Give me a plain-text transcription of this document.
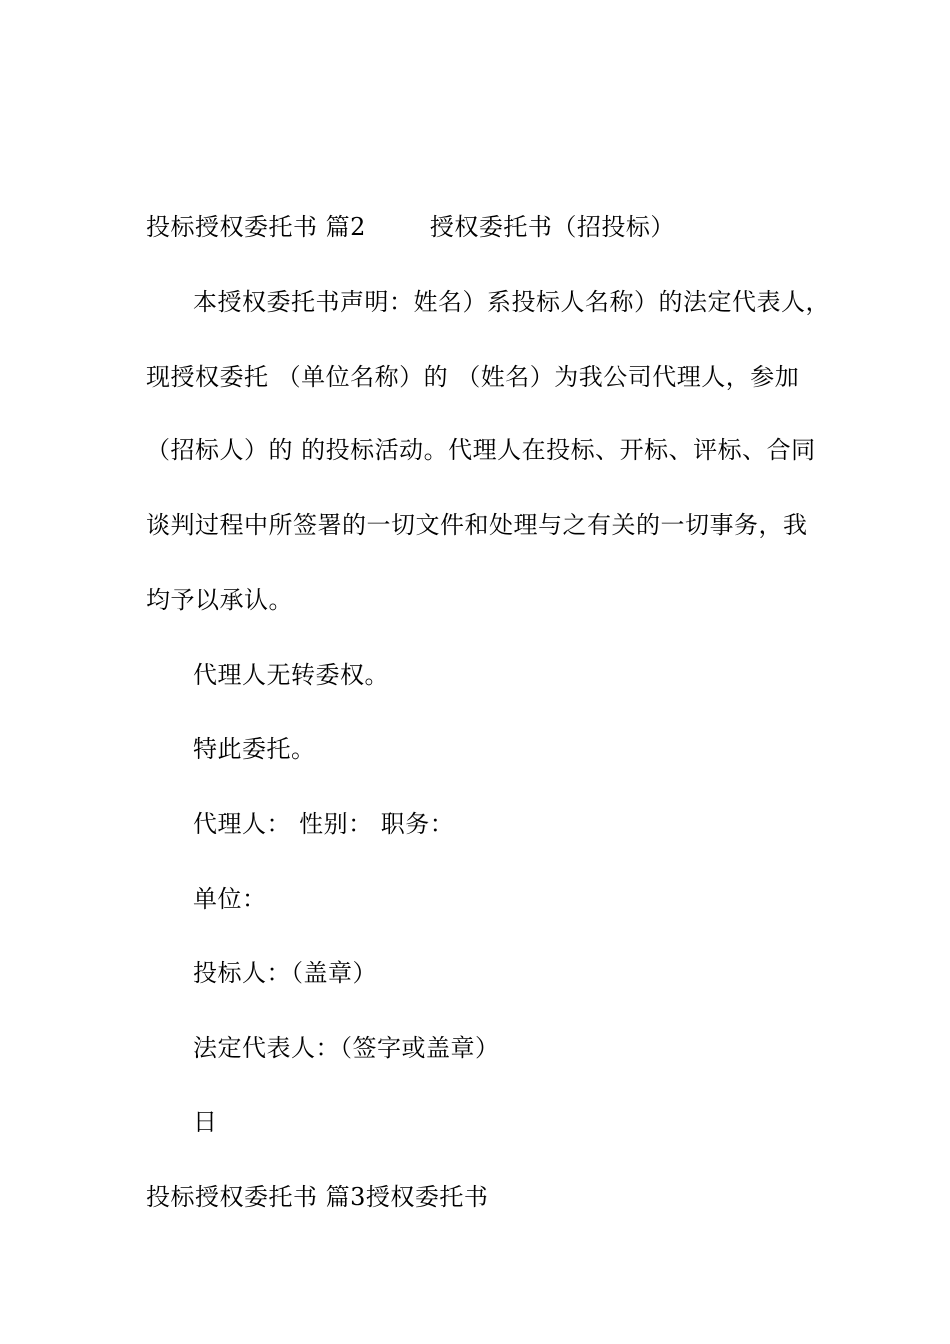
投标授权委托书 篇2	授权委托书（招投标）
本授权委托书声明：姓名）系投标人名称）的法定代表人，
现授权委托 （单位名称）的 （姓名）为我公司代理人，参加
（招标人）的 的投标活动。代理人在投标、开标、评标、合同
谈判过程中所签署的一切文件和处理与之有关的一切事务，我
均予以承认。
代理人无转委权。
特此委托。
代理人： 性别： 职务：
单位：
投标人：（盖章）
法定代表人：（签字或盖章）
日
投标授权委托书 篇3授权委托书
